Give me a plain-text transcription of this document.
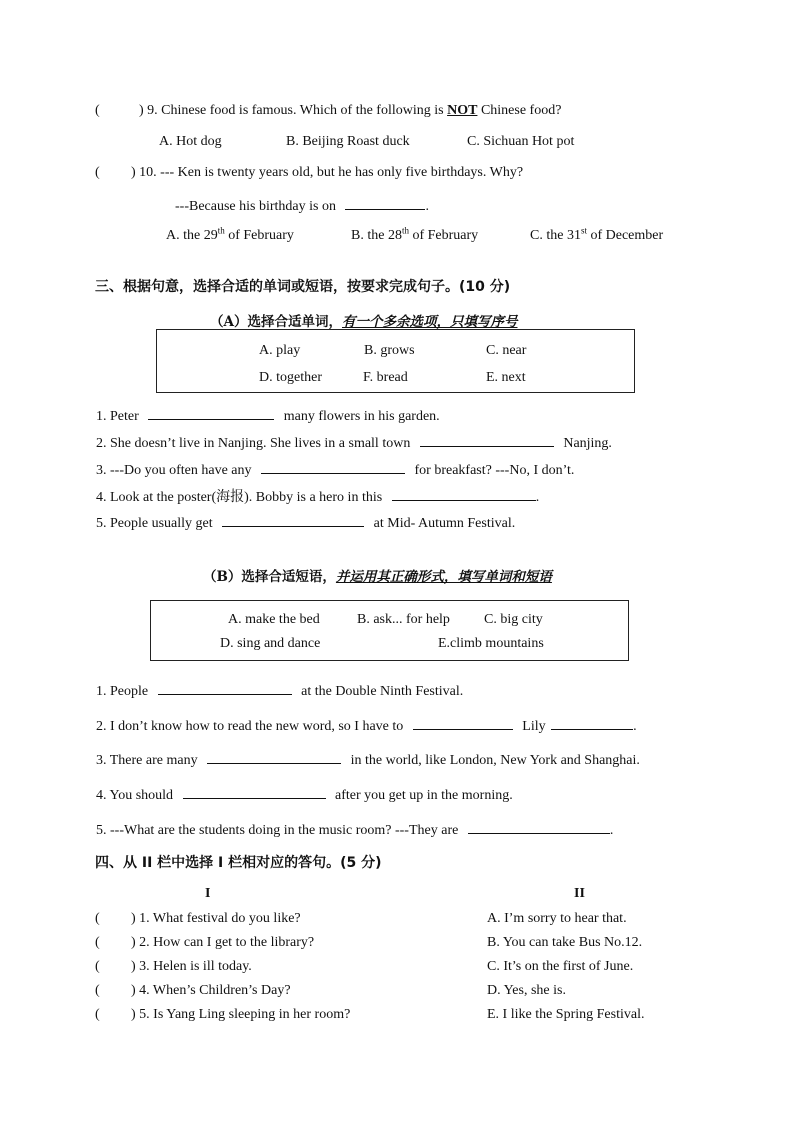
(	) 9. Chinese food is famous. Which of the following is NOT Chinese food?
A. Hot dog	B. Beijing Roast duck	C. Sichuan Hot pot
( ) 10. --- Ken is twenty years old, but he has only five birthdays. Why?
---Because his birthday is on	.
A. the 29th of February	B. the 28th of February	C. the 31st of December
三、根据句意，选择合适的单词或短语，按要求完成句子。(10 分)
（A）选择合适单词，有一个多余选项，只填写序号
A. play	B. grows	C. near
D. together	F. bread	E. next
1. Peter	many flowers in his garden.
2. She doesn’t live in Nanjing. She lives in a small town	Nanjing.
3. ---Do you often have any	for breakfast? ---No, I don’t.
4. Look at the poster(海报). Bobby is a hero in this	.
5. People usually get	at Mid- Autumn Festival.
（B）选择合适短语，并运用其正确形式，填写单词和短语
A. make the bed	B. ask... for help C. big city
D. sing and dance	E.climb mountains
1. People	at the Double Ninth Festival.
2. I don’t know how to read the new word, so I have to	Lily	.
3. There are many	in the world, like London, New York and Shanghai.
4. You should	after you get up in the morning.
5. ---What are the students doing in the music room? ---They are	.
四、从 II 栏中选择 I 栏相对应的答句。(5 分)
I	II
( ) 1. What festival do you like?	A. I’m sorry to hear that.
( ) 2. How can I get to the library?	B. You can take Bus No.12.
( ) 3. Helen is ill today.	C. It’s on the first of June.
( ) 4. When’s Children’s Day?	D. Yes, she is.
( ) 5. Is Yang Ling sleeping in her room?	E. I like the Spring Festival.
